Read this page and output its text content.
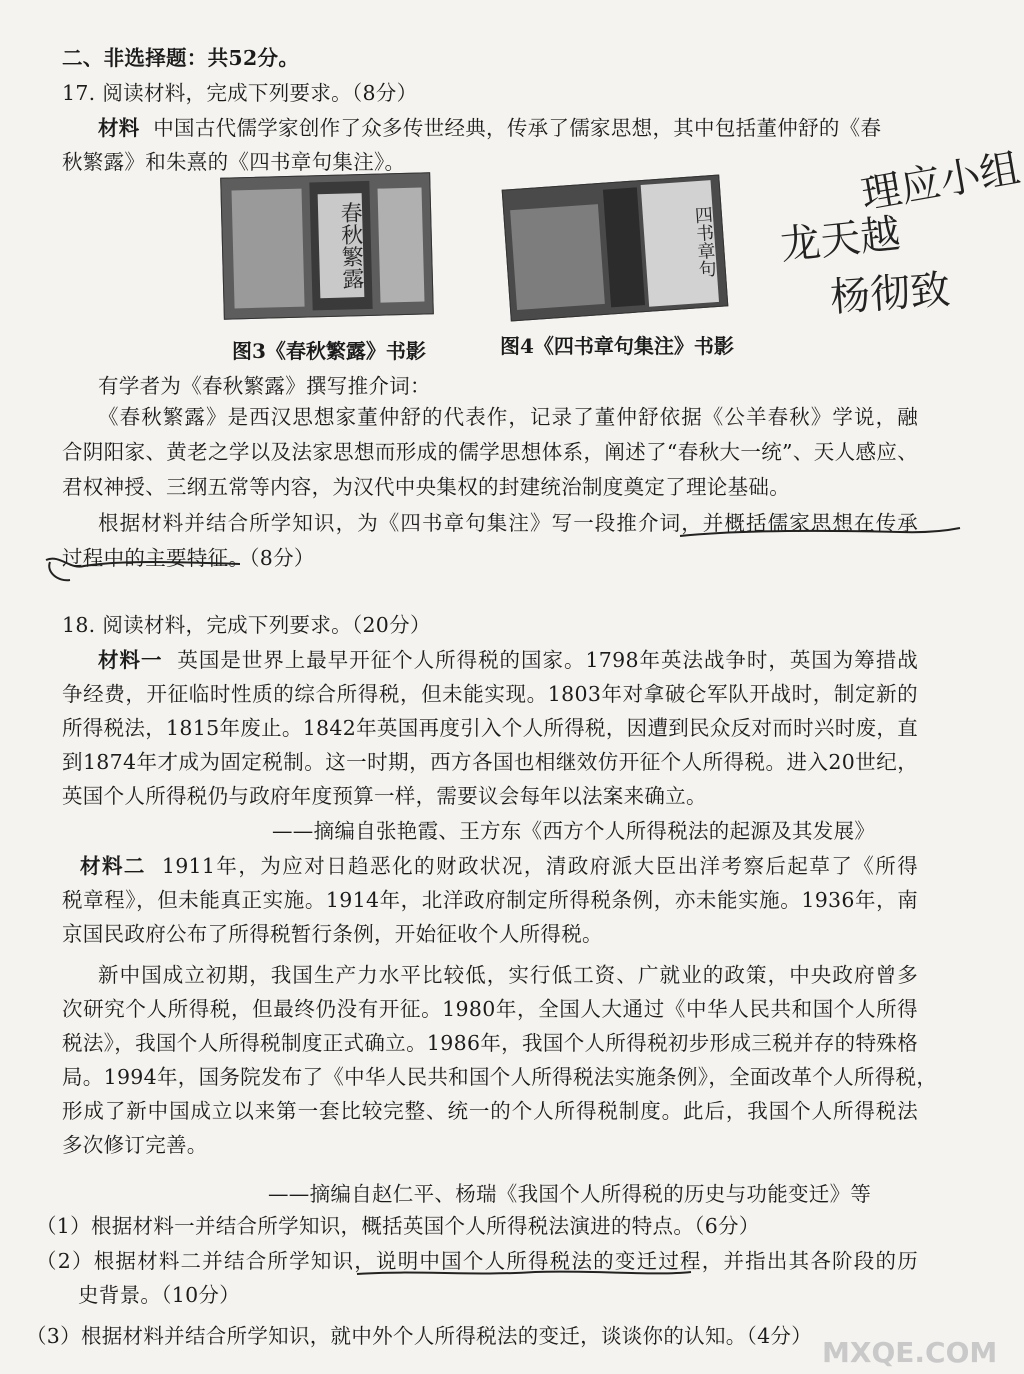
二、非选择题：共52分。
17. 阅读材料，完成下列要求。（8分）
材料 中国古代儒学家创作了众多传世经典，传承了儒家思想，其中包括董仲舒的《春
秋繁露》和朱熹的《四书章句集注》。
春秋繁露
图3《春秋繁露》书影
四书章句
图4《四书章句集注》书影
理应小组
龙天越
杨彻致
有学者为《春秋繁露》撰写推介词：
《春秋繁露》是西汉思想家董仲舒的代表作，记录了董仲舒依据《公羊春秋》学说，融
合阴阳家、黄老之学以及法家思想而形成的儒学思想体系，阐述了“春秋大一统”、天人感应、
君权神授、三纲五常等内容，为汉代中央集权的封建统治制度奠定了理论基础。
根据材料并结合所学知识，为《四书章句集注》写一段推介词，并概括儒家思想在传承
过程中的主要特征。（8分）
18. 阅读材料，完成下列要求。（20分）
材料一 英国是世界上最早开征个人所得税的国家。1798年英法战争时，英国为筹措战
争经费，开征临时性质的综合所得税，但未能实现。1803年对拿破仑军队开战时，制定新的
所得税法，1815年废止。1842年英国再度引入个人所得税，因遭到民众反对而时兴时废，直
到1874年才成为固定税制。这一时期，西方各国也相继效仿开征个人所得税。进入20世纪，
英国个人所得税仍与政府年度预算一样，需要议会每年以法案来确立。
——摘编自张艳霞、王方东《西方个人所得税法的起源及其发展》
材料二 1911年，为应对日趋恶化的财政状况，清政府派大臣出洋考察后起草了《所得
税章程》，但未能真正实施。1914年，北洋政府制定所得税条例，亦未能实施。1936年，南
京国民政府公布了所得税暂行条例，开始征收个人所得税。
新中国成立初期，我国生产力水平比较低，实行低工资、广就业的政策，中央政府曾多
次研究个人所得税，但最终仍没有开征。1980年，全国人大通过《中华人民共和国个人所得
税法》，我国个人所得税制度正式确立。1986年，我国个人所得税初步形成三税并存的特殊格
局。1994年，国务院发布了《中华人民共和国个人所得税法实施条例》，全面改革个人所得税，
形成了新中国成立以来第一套比较完整、统一的个人所得税制度。此后，我国个人所得税法
多次修订完善。
——摘编自赵仁平、杨瑞《我国个人所得税的历史与功能变迁》等
（1）根据材料一并结合所学知识，概括英国个人所得税法演进的特点。（6分）
（2）根据材料二并结合所学知识，说明中国个人所得税法的变迁过程，并指出其各阶段的历
史背景。（10分）
（3）根据材料并结合所学知识，就中外个人所得税法的变迁，谈谈你的认知。（4分） MXQE.COM
